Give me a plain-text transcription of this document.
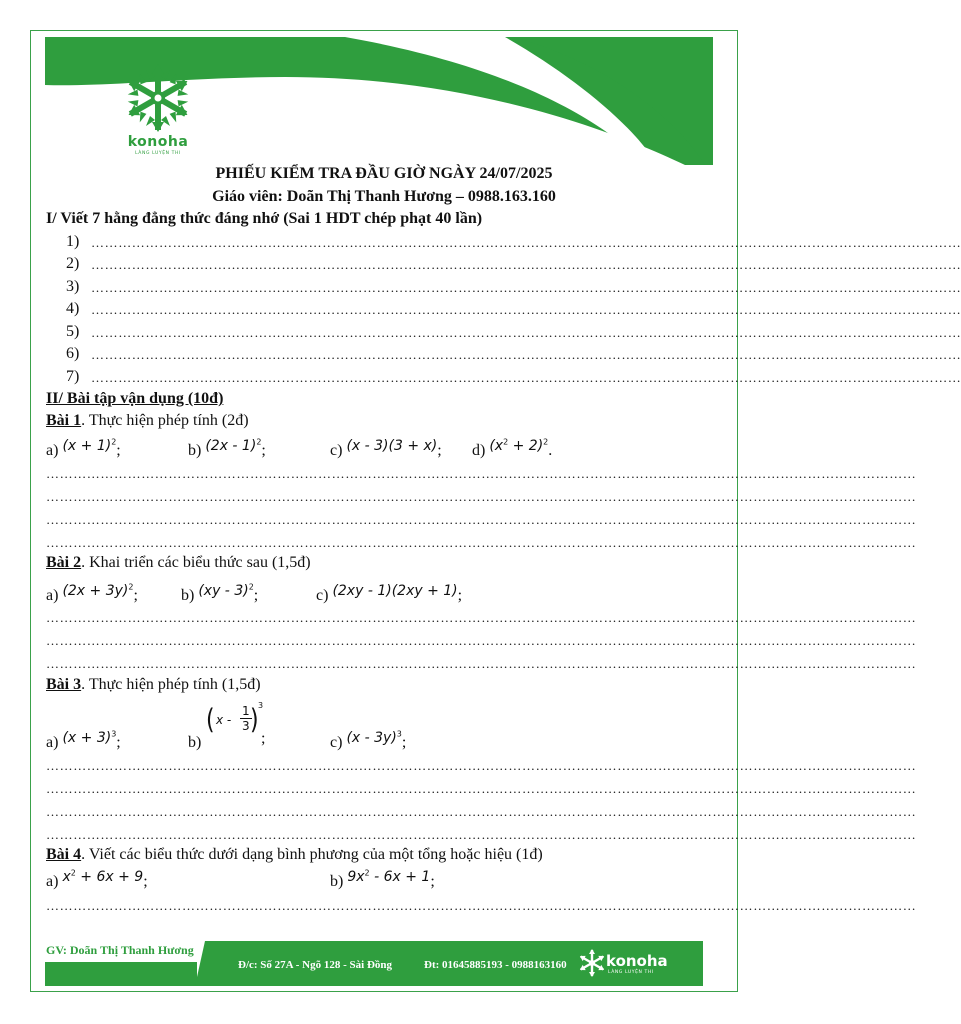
konoha
LÀNG LUYỆN THI
PHIẾU KIỂM TRA ĐẦU GIỜ NGÀY 24/07/2025
Giáo viên: Doãn Thị Thanh Hương – 0988.163.160
I/ Viết 7 hằng đẳng thức đáng nhớ (Sai 1 HDT chép phạt 40 lần)
1) …………………………………………………………………………………………………………………………………………………………………………
2) …………………………………………………………………………………………………………………………………………………………………………
3) …………………………………………………………………………………………………………………………………………………………………………
4) …………………………………………………………………………………………………………………………………………………………………………
5) …………………………………………………………………………………………………………………………………………………………………………
6) …………………………………………………………………………………………………………………………………………………………………………
7) …………………………………………………………………………………………………………………………………………………………………………
II/ Bài tập vận dụng (10đ)
Bài 1. Thực hiện phép tính (2đ)
a) $(x + 1)^2$;	b) (2x - 1)$^2$;	c) (x - 3)(3 + x); d) $(x^2 + 2)^2$.
…………………………………………………………………………………………………………………………………………………………………………
…………………………………………………………………………………………………………………………………………………………………………
…………………………………………………………………………………………………………………………………………………………………………
…………………………………………………………………………………………………………………………………………………………………………
Bài 2. Khai triển các biểu thức sau (1,5đ)
a) $(2x + 3y)^2$;	b) (xy - 3)$^2$;	c) (2xy - 1)(2xy + 1);
…………………………………………………………………………………………………………………………………………………………………………
…………………………………………………………………………………………………………………………………………………………………………
…………………………………………………………………………………………………………………………………………………………………………
Bài 3. Thực hiện phép tính (1,5đ)
a) $(x + 3)^3$;	b)
( x -
1
3 ) 3
;	c) (x - 3y)$^3$;
…………………………………………………………………………………………………………………………………………………………………………
…………………………………………………………………………………………………………………………………………………………………………
…………………………………………………………………………………………………………………………………………………………………………
…………………………………………………………………………………………………………………………………………………………………………
Bài 4. Viết các biểu thức dưới dạng bình phương của một tổng hoặc hiệu (1đ)
a) $x^2 + 6x + 9$;	b) $9x^2 - 6x + 1$;
…………………………………………………………………………………………………………………………………………………………………………
GV: Doãn Thị Thanh Hương
Đ/c: Số 27A - Ngõ 128 - Sài Đồng	Đt: 01645885193 - 0988163160	konoha
LÀNG LUYỆN THI
